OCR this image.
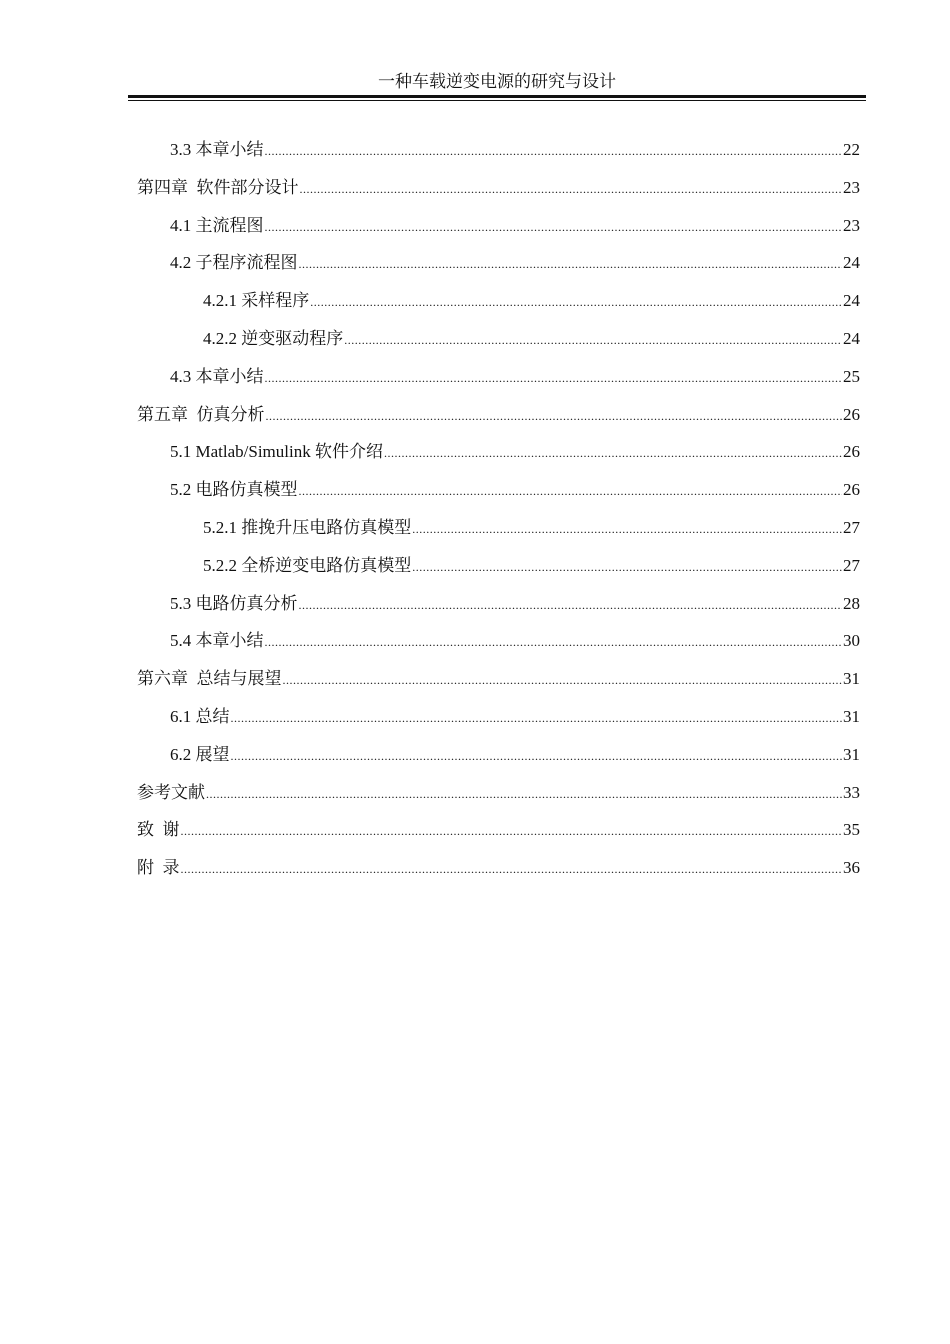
一种车载逆变电源的研究与设计
3.3 本章小结 .....	22
第四章  软件部分设计 .....	23
4.1 主流程图 .....	23
4.2 子程序流程图 .....	24
4.2.1 采样程序 .....	24
4.2.2 逆变驱动程序 .....	24
4.3 本章小结 .....	25
第五章  仿真分析 .....	26
5.1 Matlab/Simulink 软件介绍 .....	26
5.2 电路仿真模型 .....	26
5.2.1 推挽升压电路仿真模型 .....	27
5.2.2 全桥逆变电路仿真模型 .....	27
5.3 电路仿真分析 .....	28
5.4 本章小结 .....	30
第六章  总结与展望 .....	31
6.1 总结 .....	31
6.2 展望 .....	31
参考文献 .....	33
致  谢 .....	35
附  录 .....	36
